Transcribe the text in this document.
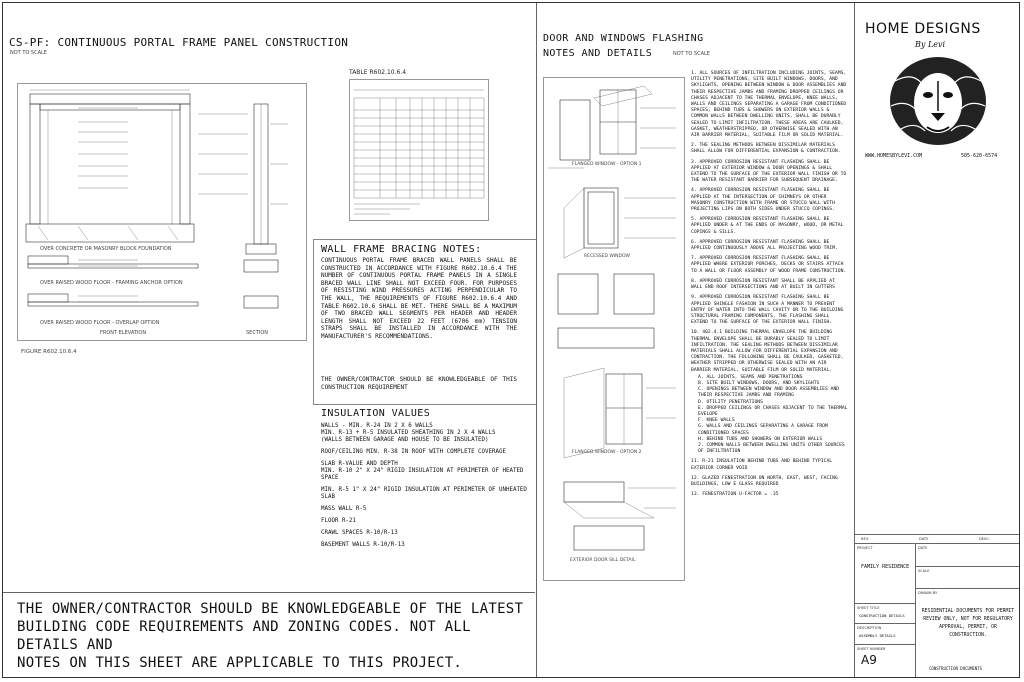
CS-PF: CONTINUOUS PORTAL FRAME PANEL CONSTRUCTION
NOT TO SCALE
OVER CONCRETE OR MASONRY BLOCK FOUNDATION
OVER RAISED WOOD FLOOR - FRAMING ANCHOR OPTION
OVER RAISED WOOD FLOOR - OVERLAP OPTION
FRONT ELEVATION	SECTION
FIGURE R602.10.6.4
TABLE R602.10.6.4
WALL FRAME BRACING NOTES:
CONTINUOUS PORTAL FRAME BRACED WALL PANELS SHALL BE CONSTRUCTED IN ACCORDANCE WITH FIGURE R602.10.6.4 THE NUMBER OF CONTINUOUS PORTAL FRAME PANELS IN A SINGLE BRACED WALL LINE SHALL NOT EXCEED FOUR. FOR PURPOSES OF RESISTING WIND PRESSURES ACTING PERPENDICULAR TO THE WALL, THE REQUIREMENTS OF FIGURE R602.10.6.4 AND TABLE R602.10.6 SHALL BE MET. THERE SHALL BE A MAXIMUM OF TWO BRACED WALL SEGMENTS PER HEADER AND HEADER LENGTH SHALL NOT EXCEED 22 FEET (6706 mm) TENSION STRAPS SHALL BE INSTALLED IN ACCORDANCE WITH THE MANUFACTURER'S RECOMMENDATIONS.
THE OWNER/CONTRACTOR SHOULD BE KNOWLEDGEABLE OF THIS CONSTRUCTION REQUIREMENT
INSULATION VALUES
WALLS - MIN. R-24 IN 2 X 6 WALLS
MIN. R-13 + R-5 INSULATED SHEATHING IN 2 X 4 WALLS
(WALLS BETWEEN GARAGE AND HOUSE TO BE INSULATED)
ROOF/CEILING MIN. R-38 IN ROOF WITH COMPLETE COVERAGE
SLAB R-VALUE AND DEPTH
MIN. R-10 2" X 24" RIGID INSULATION AT PERIMETER OF HEATED SPACE
MIN. R-5 1" X 24" RIGID INSULATION AT PERIMETER OF UNHEATED SLAB
MASS WALL R-5
FLOOR R-21
CRAWL SPACES R-10/R-13
BASEMENT WALLS R-10/R-13
THE OWNER/CONTRACTOR SHOULD BE KNOWLEDGEABLE OF THE LATEST
BUILDING CODE REQUIREMENTS AND ZONING CODES. NOT ALL DETAILS AND
NOTES ON THIS SHEET ARE APPLICABLE TO THIS PROJECT.
DOOR AND WINDOWS FLASHING
NOTES AND DETAILS	NOT TO SCALE
FLANGED WINDOW - OPTION 1
RECESSED WINDOW
FLANGED WINDOW - OPTION 2
EXTERIOR DOOR SILL DETAIL
1. ALL SOURCES OF INFILTRATION INCLUDING JOINTS, SEAMS, UTILITY PENETRATIONS, SITE BUILT WINDOWS, DOORS, AND SKYLIGHTS, OPENING BETWEEN WINDOW & DOOR ASSEMBLIES AND THEIR RESPECTIVE JAMBS AND FRAMING DROPPED CEILINGS OR CHASES ADJACENT TO THE THERMAL ENVELOPE, KNEE WALLS, WALLS AND CEILINGS SEPARATING A GARAGE FROM CONDITIONED SPACES, BEHIND TUBS & SHOWERS ON EXTERIOR WALLS & COMMON WALLS BETWEEN DWELLING UNITS, SHALL BE DURABLY SEALED TO LIMIT INFILTRATION. THESE AREAS ARE CAULKED, GASKET, WEATHERSTRIPPED, OR OTHERWISE SEALED WITH AN AIR BARRIER MATERIAL, SUITABLE FILM OR SOLID MATERIAL.
2. THE SEALING METHODS BETWEEN DISSIMILAR MATERIALS SHALL ALLOW FOR DIFFERENTIAL EXPANSION & CONTRACTION.
3. APPROVED CORROSION RESISTANT FLASHING SHALL BE APPLIED AT EXTERIOR WINDOW & DOOR OPENINGS & SHALL EXTEND TO THE SURFACE OF THE EXTERIOR WALL FINISH OR TO THE WATER RESISTANT BARRIER FOR SUBSEQUENT DRAINAGE.
4. APPROVED CORROSION RESISTANT FLASHING SHALL BE APPLIED AT THE INTERSECTION OF CHIMNEYS OR OTHER MASONRY CONSTRUCTION WITH FRAME OR STUCCO WALL WITH PROJECTING LIPS ON BOTH SIDES UNDER STUCCO COPINGS.
5. APPROVED CORROSION RESISTANT FLASHING SHALL BE APPLIED UNDER & AT THE ENDS OF MASONRY, WOOD, OR METAL COPINGS & SILLS.
6. APPROVED CORROSION RESISTANT FLASHING SHALL BE APPLIED CONTINUOUSLY ABOVE ALL PROJECTING WOOD TRIM.
7. APPROVED CORROSION RESISTANT FLASHING SHALL BE APPLIED WHERE EXTERIOR PORCHES, DECKS OR STAIRS ATTACH TO A WALL OR FLOOR ASSEMBLY OF WOOD FRAME CONSTRUCTION.
8. APPROVED CORROSION RESISTANT SHALL BE APPLIED AT WALL END ROOF INTERSECTIONS AND AT BUILT IN GUTTERS
9. APPROVED CORROSION RESISTANT FLASHING SHALL BE APPLIED SHINGLE FASHION IN SUCH A MANNER TO PREVENT ENTRY OF WATER INTO THE WALL CAVITY OR TO THE BUILDING STRUCTURAL FRAMING COMPONENTS. THE FLASHING SHALL EXTEND TO THE SURFACE OF THE EXTERIOR WALL FINISH.
10. 402.4.1 BUILDING THERMAL ENVELOPE THE BUILDING THERMAL ENVELOPE SHALL BE DURABLY SEALED TO LIMIT INFILTRATION. THE SEALING METHODS BETWEEN DISSIMILAR MATERIALS SHALL ALLOW FOR DIFFERENTIAL EXPANSION AND CONTRACTION. THE FOLLOWING SHALL BE CAULKED, GASKETED, WEATHER STRIPPED OR OTHERWISE SEALED WITH AN AIR BARRIER MATERIAL, SUITABLE FILM OR SOLID MATERIAL.
A. ALL JOINTS, SEAMS AND PENETRATIONS
B. SITE BUILT WINDOWS, DOORS, AND SKYLIGHTS
C. OPENINGS BETWEEN WINDOW AND DOOR ASSEMBLIES AND THEIR RESPECTIVE JAMBS AND FRAMING
D. UTILITY PENETRATIONS
E. DROPPED CEILINGS OR CHASES ADJACENT TO THE THERMAL EVELOPE
F. KNEE WALLS
G. WALLS AND CEILINGS SEPARATING A GARAGE FROM CONDITIONED SPACES
H. BEHIND TUBS AND SHOWERS ON EXTERIOR WALLS
J. COMMON WALLS BETWEEN DWELLING UNITS OTHER SOURCES OF INFILTRATION
11. R-21 INSULATION BEHIND TUBS AND BEHIND TYPICAL EXTERIOR CORNER VOID
12. GLAZED FENESTRATION ON NORTH, EAST, WEST, FACING BUILDINGS, LOW E GLASS REQUIRED
13. FENESTRATION U-FACTOR = .35
HOME DESIGNS
By Levi
WWW.HOMESBYLEVI.COM	505-620-6574
REV.	DATE	DESC.
PROJECT
FAMILY RESIDENCE
DATE
SCALE
DRAWN BY
SHEET TITLE
CONSTRUCTION DETAILS
DESCRIPTION
ASSEMBLY DETAILS
SHEET NUMBER
A9
RESIDENTIAL DOCUMENTS FOR PERMIT REVIEW ONLY, NOT FOR REGULATORY APPROVAL, PERMIT, OR CONSTRUCTION.
CONSTRUCTION DOCUMENTS
